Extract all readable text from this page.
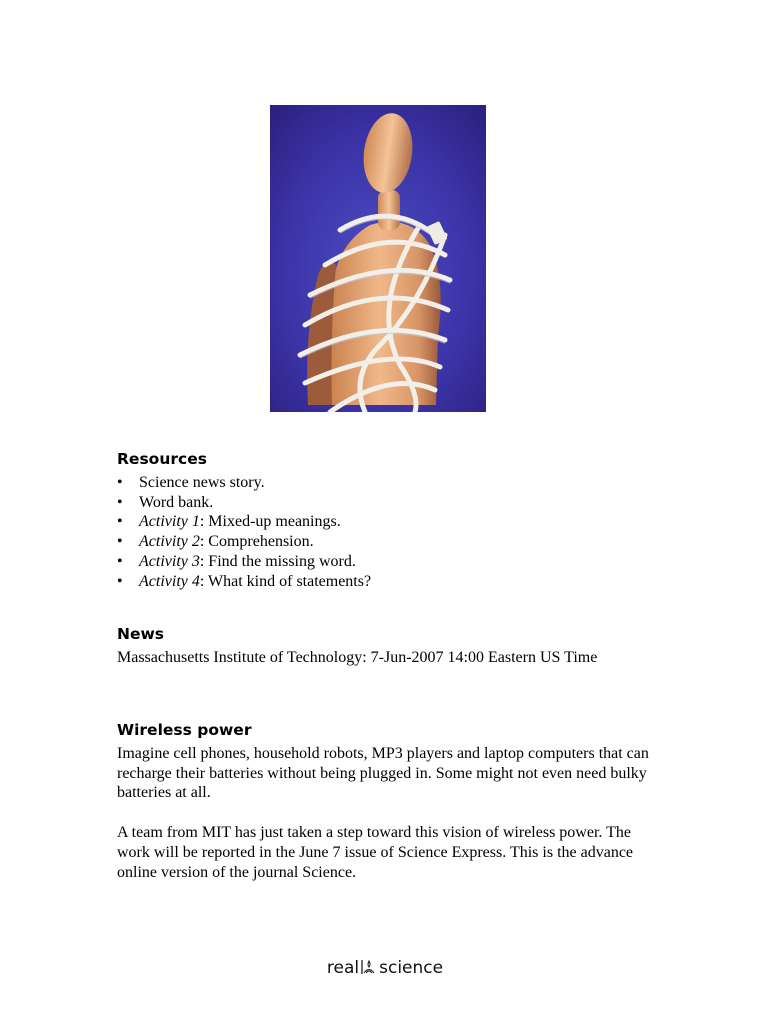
Resources
• Science news story.
• Word bank.
• Activity 1: Mixed-up meanings.
• Activity 2: Comprehension.
• Activity 3: Find the missing word.
• Activity 4: What kind of statements?
News

Massachusetts Institute of Technology: 7-Jun-2007 14:00 Eastern US Time

Wireless power

Imagine cell phones, household robots, MP3 players and laptop computers that can recharge their batteries without being plugged in. Some might not even need bulky batteries at all.

A team from MIT has just taken a step toward this vision of wireless power. The work will be reported in the June 7 issue of Science Express. This is the advance online version of the journal Science.

real science
